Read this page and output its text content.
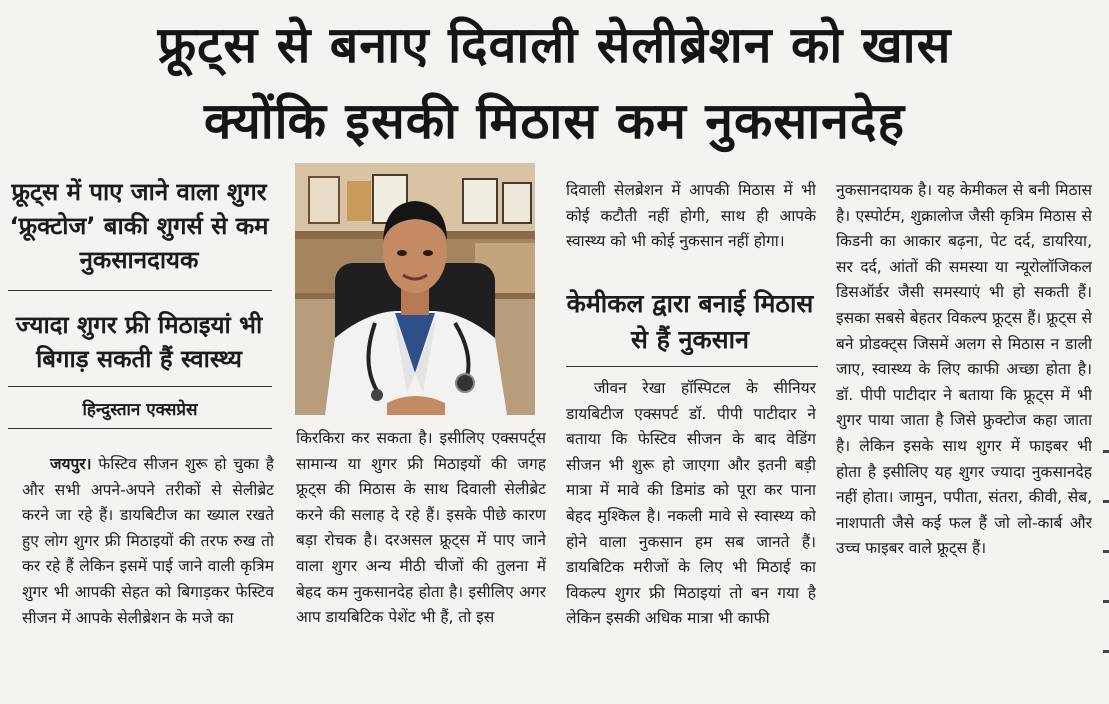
फ्रूट्स से बनाए दिवाली सेलीब्रेशन को खास
क्योंकि इसकी मिठास कम नुकसानदेह
फ्रूट्स में पाए जाने वाला शुगर ‘फ्रूक्टोज’ बाकी शुगर्स से कम नुकसानदायक
ज्यादा शुगर फ्री मिठाइयां भी बिगाड़ सकती हैं स्वास्थ्य
हिन्दुस्तान एक्सप्रेस

जयपुर। फेस्टिव सीजन शुरू हो चुका है और सभी अपने-अपने तरीकों से सेलीब्रेट करने जा रहे हैं। डायबिटीज का ख्याल रखते हुए लोग शुगर फ्री मिठाइयों की तरफ रुख तो कर रहे हैं लेकिन इसमें पाई जाने वाली कृत्रिम शुगर भी आपकी सेहत को बिगाड़कर फेस्टिव सीजन में आपके सेलीब्रेशन के मजे का

किरकिरा कर सकता है। इसीलिए एक्सपर्ट्स सामान्य या शुगर फ्री मिठाइयों की जगह फ्रूट्स की मिठास के साथ दिवाली सेलीब्रेट करने की सलाह दे रहे हैं। इसके पीछे कारण बड़ा रोचक है। दरअसल फ्रूट्स में पाए जाने वाला शुगर अन्य मीठी चीजों की तुलना में बेहद कम नुकसानदेह होता है। इसीलिए अगर आप डायबिटिक पेशेंट भी हैं, तो इस

दिवाली सेलब्रेशन में आपकी मिठास में भी कोई कटौती नहीं होगी, साथ ही आपके स्वास्थ्य को भी कोई नुकसान नहीं होगा।

केमीकल द्वारा बनाई मिठास से हैं नुकसान

जीवन रेखा हॉस्पिटल के सीनियर डायबिटीज एक्सपर्ट डॉ. पीपी पाटीदार ने बताया कि फेस्टिव सीजन के बाद वेडिंग सीजन भी शुरू हो जाएगा और इतनी बड़ी मात्रा में मावे की डिमांड को पूरा कर पाना बेहद मुश्किल है। नकली मावे से स्वास्थ्य को होने वाला नुकसान हम सब जानते हैं। डायबिटिक मरीजों के लिए भी मिठाई का विकल्प शुगर फ्री मिठाइयां तो बन गया है लेकिन इसकी अधिक मात्रा भी काफी

नुकसानदायक है। यह केमीकल से बनी मिठास है। एस्पोर्टम, शुक्रालोज जैसी कृत्रिम मिठास से किडनी का आकार बढ़ना, पेट दर्द, डायरिया, सर दर्द, आंतों की समस्या या न्यूरोलॉजिकल डिसऑर्डर जैसी समस्याएं भी हो सकती हैं। इसका सबसे बेहतर विकल्प फ्रूट्स हैं। फ्रूट्स से बने प्रोडक्ट्स जिसमें अलग से मिठास न डाली जाए, स्वास्थ्य के लिए काफी अच्छा होता है। डॉ. पीपी पाटीदार ने बताया कि फ्रूट्स में भी शुगर पाया जाता है जिसे फ्रुक्टोज कहा जाता है। लेकिन इसके साथ शुगर में फाइबर भी होता है इसीलिए यह शुगर ज्यादा नुकसानदेह नहीं होता। जामुन, पपीता, संतरा, कीवी, सेब, नाशपाती जैसे कई फल हैं जो लो-कार्ब और उच्च फाइबर वाले फ्रूट्स हैं।
